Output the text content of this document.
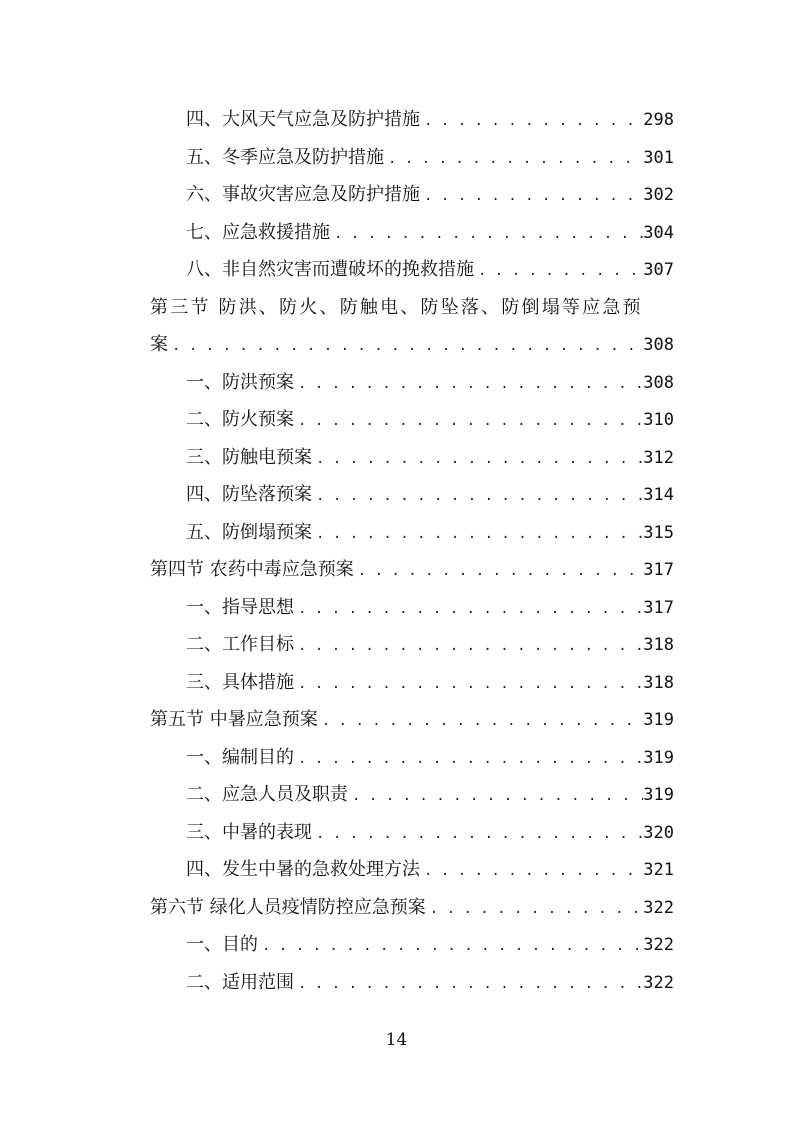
四、大风天气应急及防护措施 . . .	298
五、冬季应急及防护措施 . . .	301
六、事故灾害应急及防护措施 . . .	302
七、应急救援措施 . . .	304
八、非自然灾害而遭破坏的挽救措施 . . .	307
第三节 防洪、防火、防触电、防坠落、防倒塌等应急预
案 . . .	308
一、防洪预案 . . .	308
二、防火预案 . . .	310
三、防触电预案 . . .	312
四、防坠落预案 . . .	314
五、防倒塌预案 . . .	315
第四节 农药中毒应急预案 . . .	317
一、指导思想 . . .	317
二、工作目标 . . .	318
三、具体措施 . . .	318
第五节 中暑应急预案 . . .	319
一、编制目的 . . .	319
二、应急人员及职责 . . .	319
三、中暑的表现 . . .	320
四、发生中暑的急救处理方法 . . .	321
第六节 绿化人员疫情防控应急预案 . . .	322
一、目的 . . .	322
二、适用范围 . . .	322
14
